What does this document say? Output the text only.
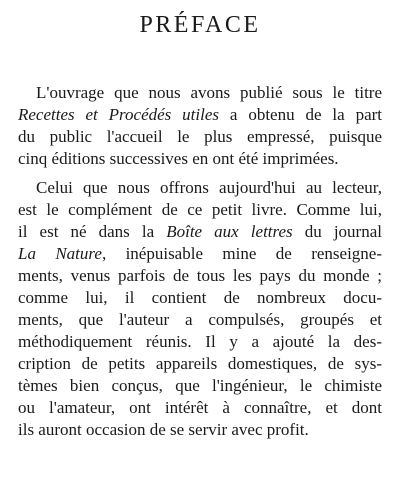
PRÉFACE
L'ouvrage que nous avons publié sous le titre
Recettes et Procédés utiles a obtenu de la part
du public l'accueil le plus empressé, puisque
cinq éditions successives en ont été imprimées.
Celui que nous offrons aujourd'hui au lecteur,
est le complément de ce petit livre. Comme lui,
il est né dans la Boîte aux lettres du journal
La Nature, inépuisable mine de renseigne-
ments, venus parfois de tous les pays du monde ;
comme lui, il contient de nombreux docu-
ments, que l'auteur a compulsés, groupés et
méthodiquement réunis. Il y a ajouté la des-
cription de petits appareils domestiques, de sys-
tèmes bien conçus, que l'ingénieur, le chimiste
ou l'amateur, ont intérêt à connaître, et dont
ils auront occasion de se servir avec profit.
